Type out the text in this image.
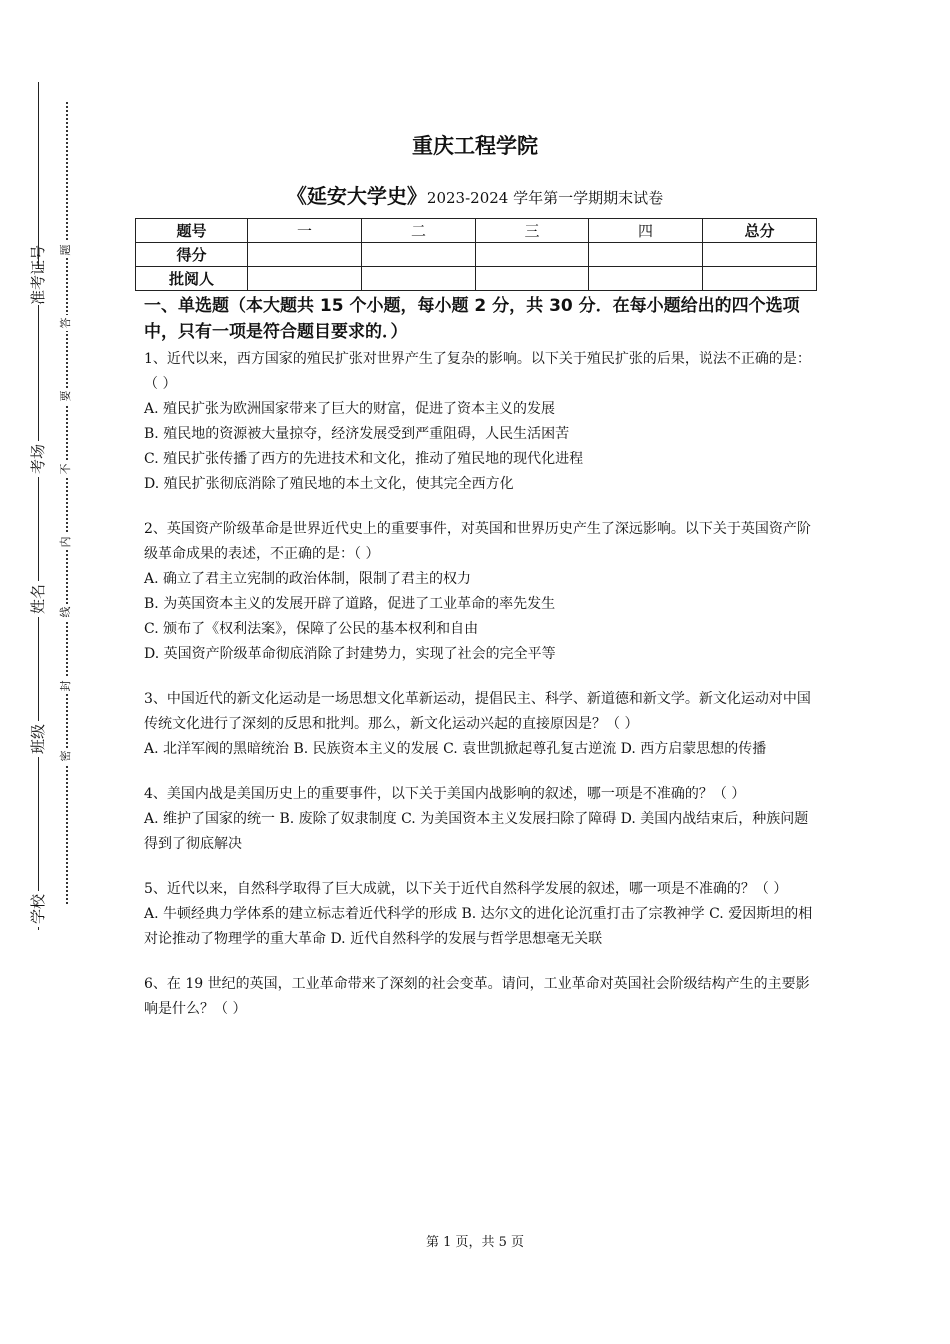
准考证号
考场
姓名
班级
学校
题
答
要
不
内
线
封
密
重庆工程学院
《延安大学史》2023-2024 学年第一学期期末试卷
题号	一	二	三	四	总分
得分					
批阅人					
一、单选题（本大题共 15 个小题，每小题 2 分，共 30 分．在每小题给出的四个选项中，只有一项是符合题目要求的．）
1、近代以来，西方国家的殖民扩张对世界产生了复杂的影响。以下关于殖民扩张的后果，说法不正确的是：（ ）
A. 殖民扩张为欧洲国家带来了巨大的财富，促进了资本主义的发展
B. 殖民地的资源被大量掠夺，经济发展受到严重阻碍，人民生活困苦
C. 殖民扩张传播了西方的先进技术和文化，推动了殖民地的现代化进程
D. 殖民扩张彻底消除了殖民地的本土文化，使其完全西方化
2、英国资产阶级革命是世界近代史上的重要事件，对英国和世界历史产生了深远影响。以下关于英国资产阶级革命成果的表述，不正确的是：（ ）
A. 确立了君主立宪制的政治体制，限制了君主的权力
B. 为英国资本主义的发展开辟了道路，促进了工业革命的率先发生
C. 颁布了《权利法案》，保障了公民的基本权利和自由
D. 英国资产阶级革命彻底消除了封建势力，实现了社会的完全平等
3、中国近代的新文化运动是一场思想文化革新运动，提倡民主、科学、新道德和新文学。新文化运动对中国传统文化进行了深刻的反思和批判。那么，新文化运动兴起的直接原因是？（ ）
A. 北洋军阀的黑暗统治 B. 民族资本主义的发展 C. 袁世凯掀起尊孔复古逆流 D. 西方启蒙思想的传播
4、美国内战是美国历史上的重要事件，以下关于美国内战影响的叙述，哪一项是不准确的？（ ）
A. 维护了国家的统一 B. 废除了奴隶制度 C. 为美国资本主义发展扫除了障碍 D. 美国内战结束后，种族问题得到了彻底解决
5、近代以来，自然科学取得了巨大成就，以下关于近代自然科学发展的叙述，哪一项是不准确的？（ ）
A. 牛顿经典力学体系的建立标志着近代科学的形成 B. 达尔文的进化论沉重打击了宗教神学 C. 爱因斯坦的相对论推动了物理学的重大革命 D. 近代自然科学的发展与哲学思想毫无关联
6、在 19 世纪的英国，工业革命带来了深刻的社会变革。请问，工业革命对英国社会阶级结构产生的主要影响是什么？（ ）
第 1 页，共 5 页
